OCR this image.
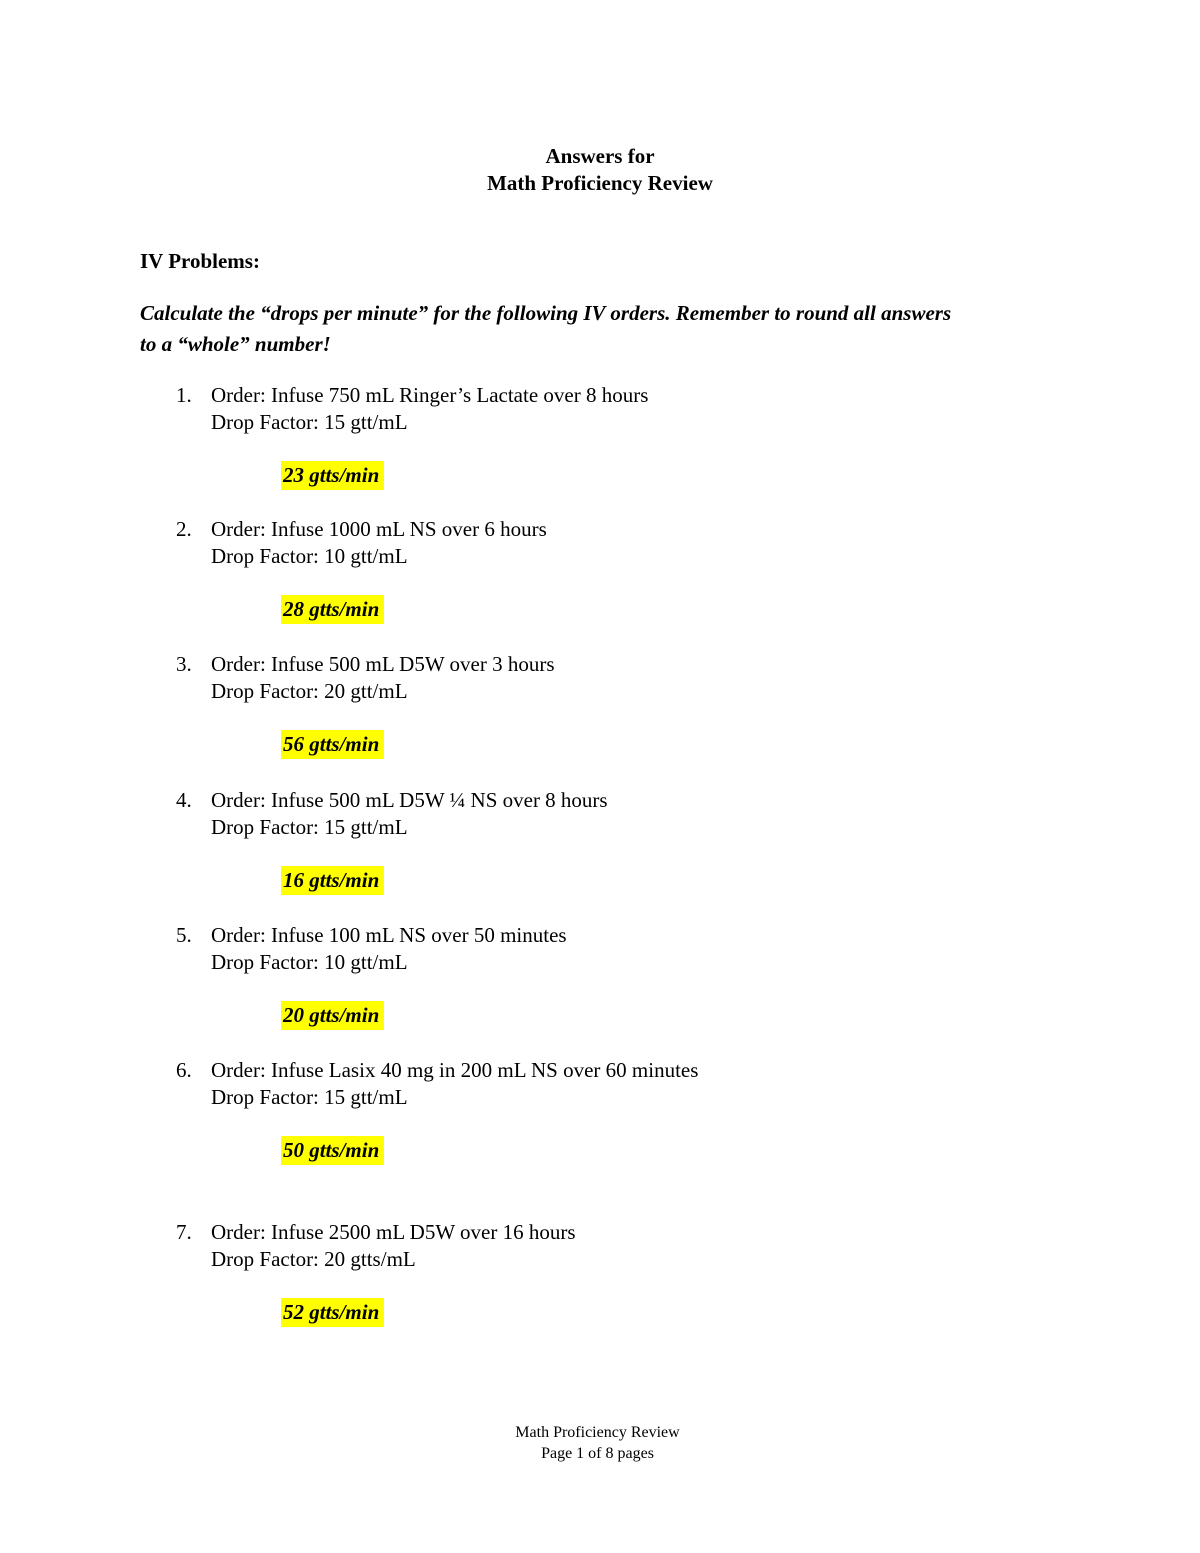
Answers for
Math Proficiency Review
IV Problems:
Calculate the “drops per minute” for the following IV orders. Remember to round all answers
to a “whole” number!
1. Order: Infuse 750 mL Ringer’s Lactate over 8 hours
Drop Factor: 15 gtt/mL
23 gtts/min
2. Order: Infuse 1000 mL NS over 6 hours
Drop Factor: 10 gtt/mL
28 gtts/min
3. Order: Infuse 500 mL D5W over 3 hours
Drop Factor: 20 gtt/mL
56 gtts/min
4. Order: Infuse 500 mL D5W ¼ NS over 8 hours
Drop Factor: 15 gtt/mL
16 gtts/min
5. Order: Infuse 100 mL NS over 50 minutes
Drop Factor: 10 gtt/mL
20 gtts/min
6. Order: Infuse Lasix 40 mg in 200 mL NS over 60 minutes
Drop Factor: 15 gtt/mL
50 gtts/min
7. Order: Infuse 2500 mL D5W over 16 hours
Drop Factor: 20 gtts/mL
52 gtts/min
Math Proficiency Review
Page 1 of 8 pages
